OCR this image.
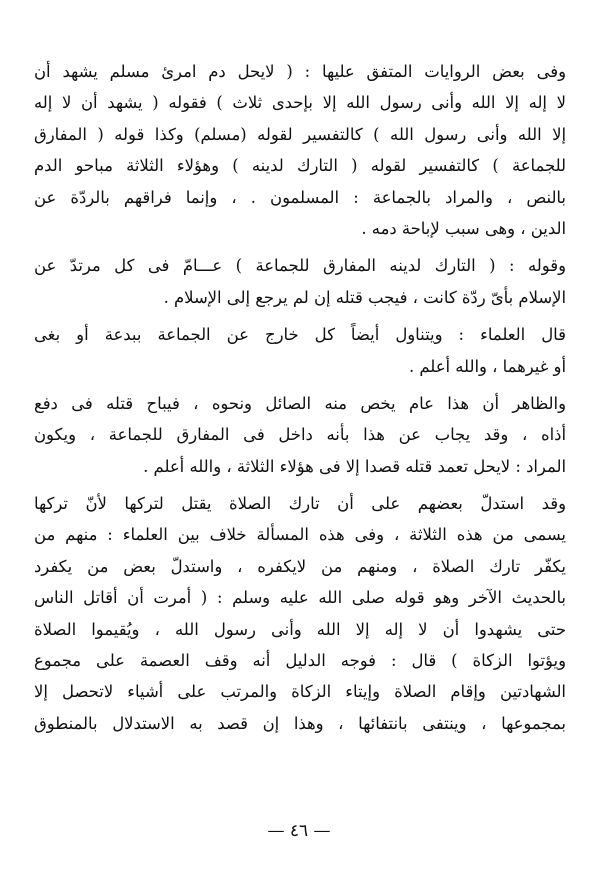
وفى بعض الروايات المتفق عليها : ( لايحل دم امرئ مسلم يشهد أن
لا إله إلا الله وأنى رسول الله إلا بإحدى ثلاث ) فقوله ( يشهد أن لا إله
إلا الله وأنى رسول الله ) كالتفسير لقوله (مسلم) وكذا قوله ( المفارق
للجماعة ) كالتفسير لقوله ( التارك لدينه ) وهؤلاء الثلاثة مباحو الدم
بالنص ، والمراد بالجماعة : المسلمون . ، وإنما فراقهم بالردّة عن
الدين ، وهى سبب لإباحة دمه .
وقوله : ( التارك لدينه المفارق للجماعة ) عـــامّ فى كل مرتدّ عن
الإسلام بأىّ ردّة كانت ، فيجب قتله إن لم يرجع إلى الإسلام .
قال العلماء : ويتناول أيضاً كل خارج عن الجماعة ببدعة أو بغى
أو غيرهما ، والله أعلم .
والظاهر أن هذا عام يخص منه الصائل ونحوه ، فيباح قتله فى دفع
أذاه ، وقد يجاب عن هذا بأنه داخل فى المفارق للجماعة ، ويكون
المراد : لايحل تعمد قتله قصدا إلا فى هؤلاء الثلاثة ، والله أعلم .
وقد استدلّ بعضهم على أن تارك الصلاة يقتل لتركها لأنّ تركها
يسمى من هذه الثلاثة ، وفى هذه المسألة خلاف بين العلماء : منهم من
يكفّر تارك الصلاة ، ومنهم من لايكفره ، واستدلّ بعض من يكفرد
بالحديث الآخر وهو قوله صلى الله عليه وسلم : ( أمرت أن أقاتل الناس
حتى يشهدوا أن لا إله إلا الله وأنى رسول الله ، ويُقيموا الصلاة
ويؤتوا الزكاة ) قال : فوجه الدليل أنه وقف العصمة على مجموع
الشهادتين وإقام الصلاة وإيتاء الزكاة والمرتب على أشياء لاتحصل إلا
بمجموعها ، وينتفى بانتفائها ، وهذا إن قصد به الاستدلال بالمنطوق
— ٤٦ —
